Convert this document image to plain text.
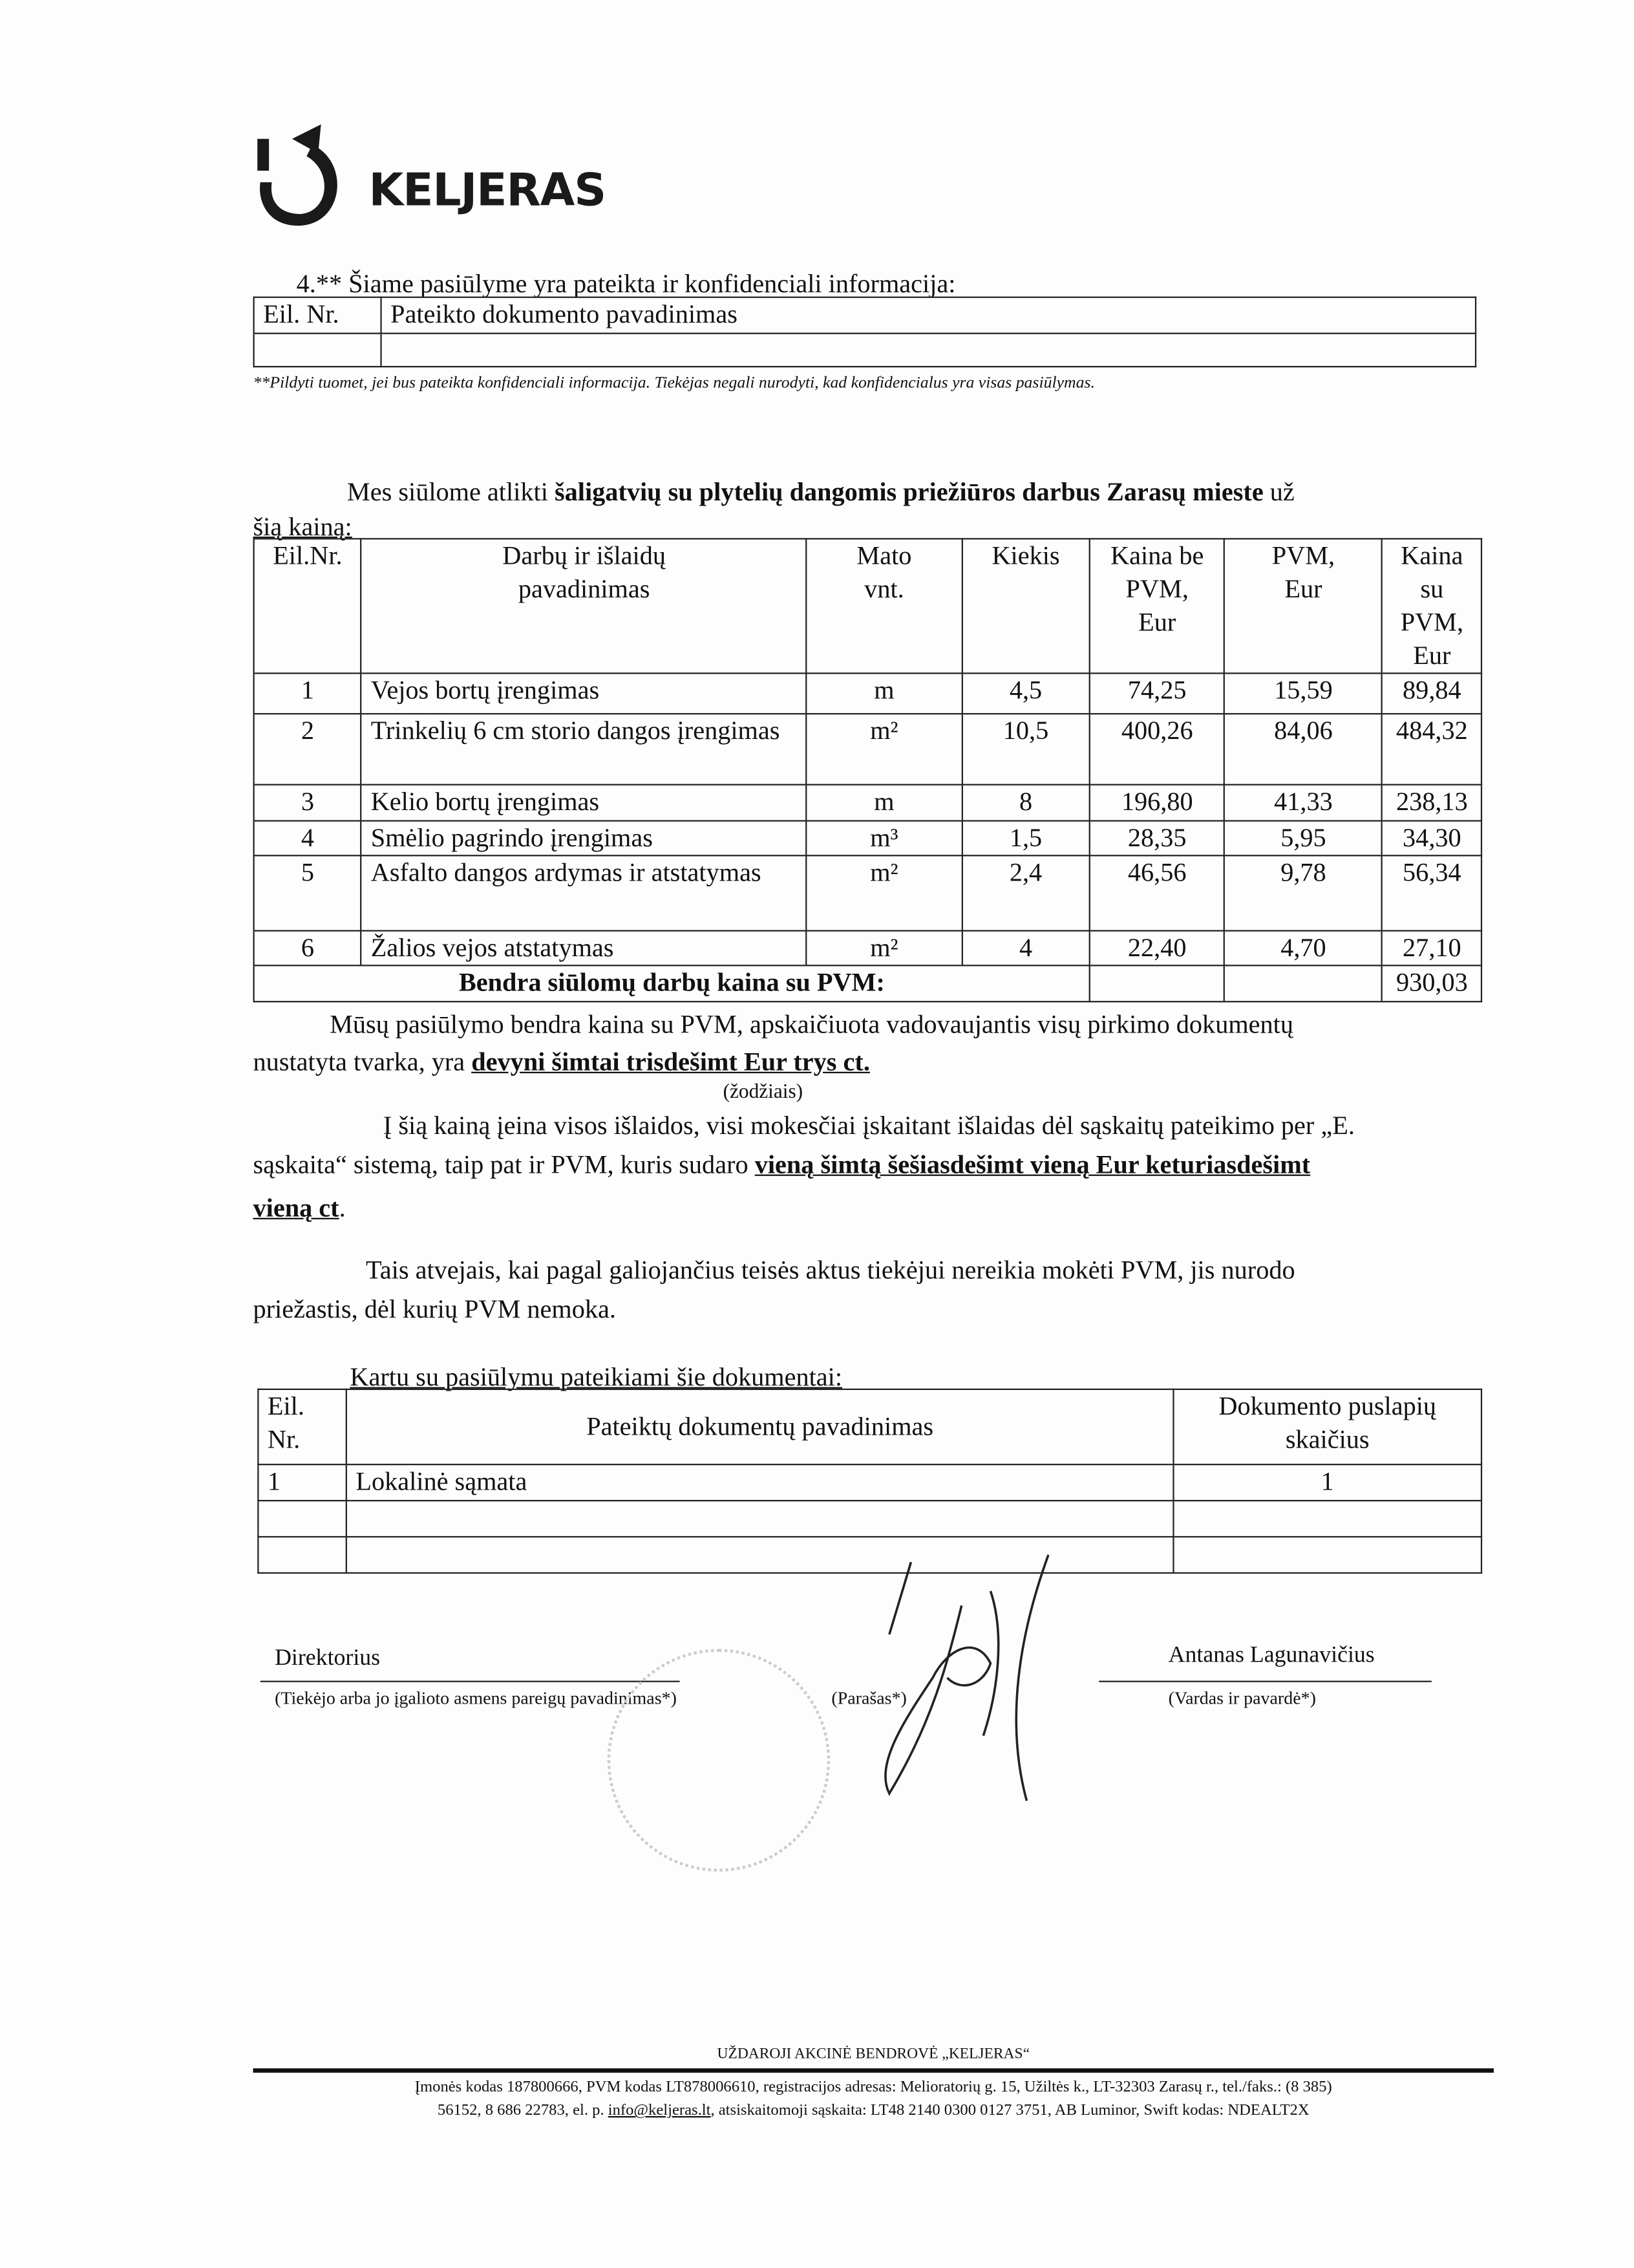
KELJERAS
4.** Šiame pasiūlyme yra pateikta ir konfidenciali informacija:
Eil. Nr.	Pateikto dokumento pavadinimas

**Pildyti tuomet, jei bus pateikta konfidenciali informacija. Tiekėjas negali nurodyti, kad konfidencialus yra visas pasiūlymas.
Mes siūlome atlikti šaligatvių su plytelių dangomis priežiūros darbus Zarasų mieste už
šią kainą:
Eil.Nr.	Darbų ir išlaidų pavadinimas	Mato vnt.	Kiekis	Kaina be PVM, Eur	PVM, Eur	Kaina su PVM, Eur
1	Vejos bortų įrengimas	m	4,5	74,25	15,59	89,84
2	Trinkelių 6 cm storio dangos įrengimas	m²	10,5	400,26	84,06	484,32
3	Kelio bortų įrengimas	m	8	196,80	41,33	238,13
4	Smėlio pagrindo įrengimas	m³	1,5	28,35	5,95	34,30
5	Asfalto dangos ardymas ir atstatymas	m²	2,4	46,56	9,78	56,34
6	Žalios vejos atstatymas	m²	4	22,40	4,70	27,10
Bendra siūlomų darbų kaina su PVM:						930,03
Mūsų pasiūlymo bendra kaina su PVM, apskaičiuota vadovaujantis visų pirkimo dokumentų
nustatyta tvarka, yra devyni šimtai trisdešimt Eur trys ct.
(žodžiais)
Į šią kainą įeina visos išlaidos, visi mokesčiai įskaitant išlaidas dėl sąskaitų pateikimo per „E.
sąskaita“ sistemą, taip pat ir PVM, kuris sudaro vieną šimtą šešiasdešimt vieną Eur keturiasdešimt
vieną ct.
Tais atvejais, kai pagal galiojančius teisės aktus tiekėjui nereikia mokėti PVM, jis nurodo
priežastis, dėl kurių PVM nemoka.
Kartu su pasiūlymu pateikiami šie dokumentai:
Eil. Nr.	Pateiktų dokumentų pavadinimas	Dokumento puslapių skaičius
1	Lokalinė sąmata	1

Direktorius
(Tiekėjo arba jo įgalioto asmens pareigų pavadinimas*)	(Parašas*)
Antanas Lagunavičius
(Vardas ir pavardė*)
UŽDAROJI AKCINĖ BENDROVĖ „KELJERAS“
Įmonės kodas 187800666, PVM kodas LT878006610, registracijos adresas: Melioratorių g. 15, Užiltės k., LT-32303 Zarasų r., tel./faks.: (8 385)
56152, 8 686 22783, el. p. info@keljeras.lt, atsiskaitomoji sąskaita: LT48 2140 0300 0127 3751, AB Luminor, Swift kodas: NDEALT2X
